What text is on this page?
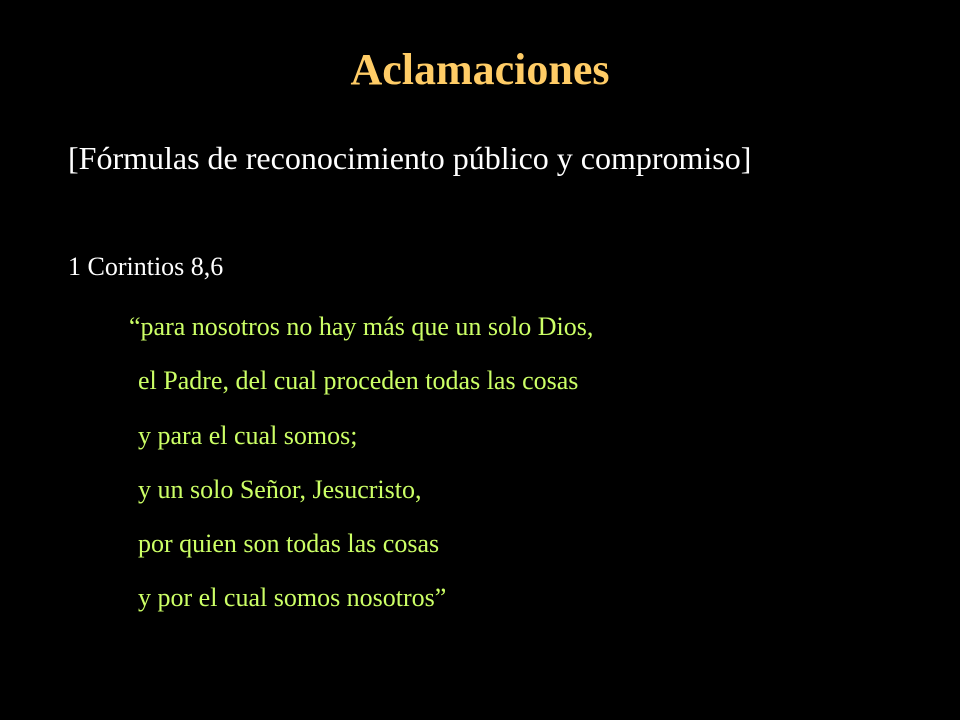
Aclamaciones
[Fórmulas de reconocimiento público y compromiso]
1 Corintios 8,6
“para nosotros no hay más que un solo Dios,
el Padre, del cual proceden todas las cosas
y para el cual somos;
y un solo Señor, Jesucristo,
por quien son todas las cosas
y por el cual somos nosotros”
